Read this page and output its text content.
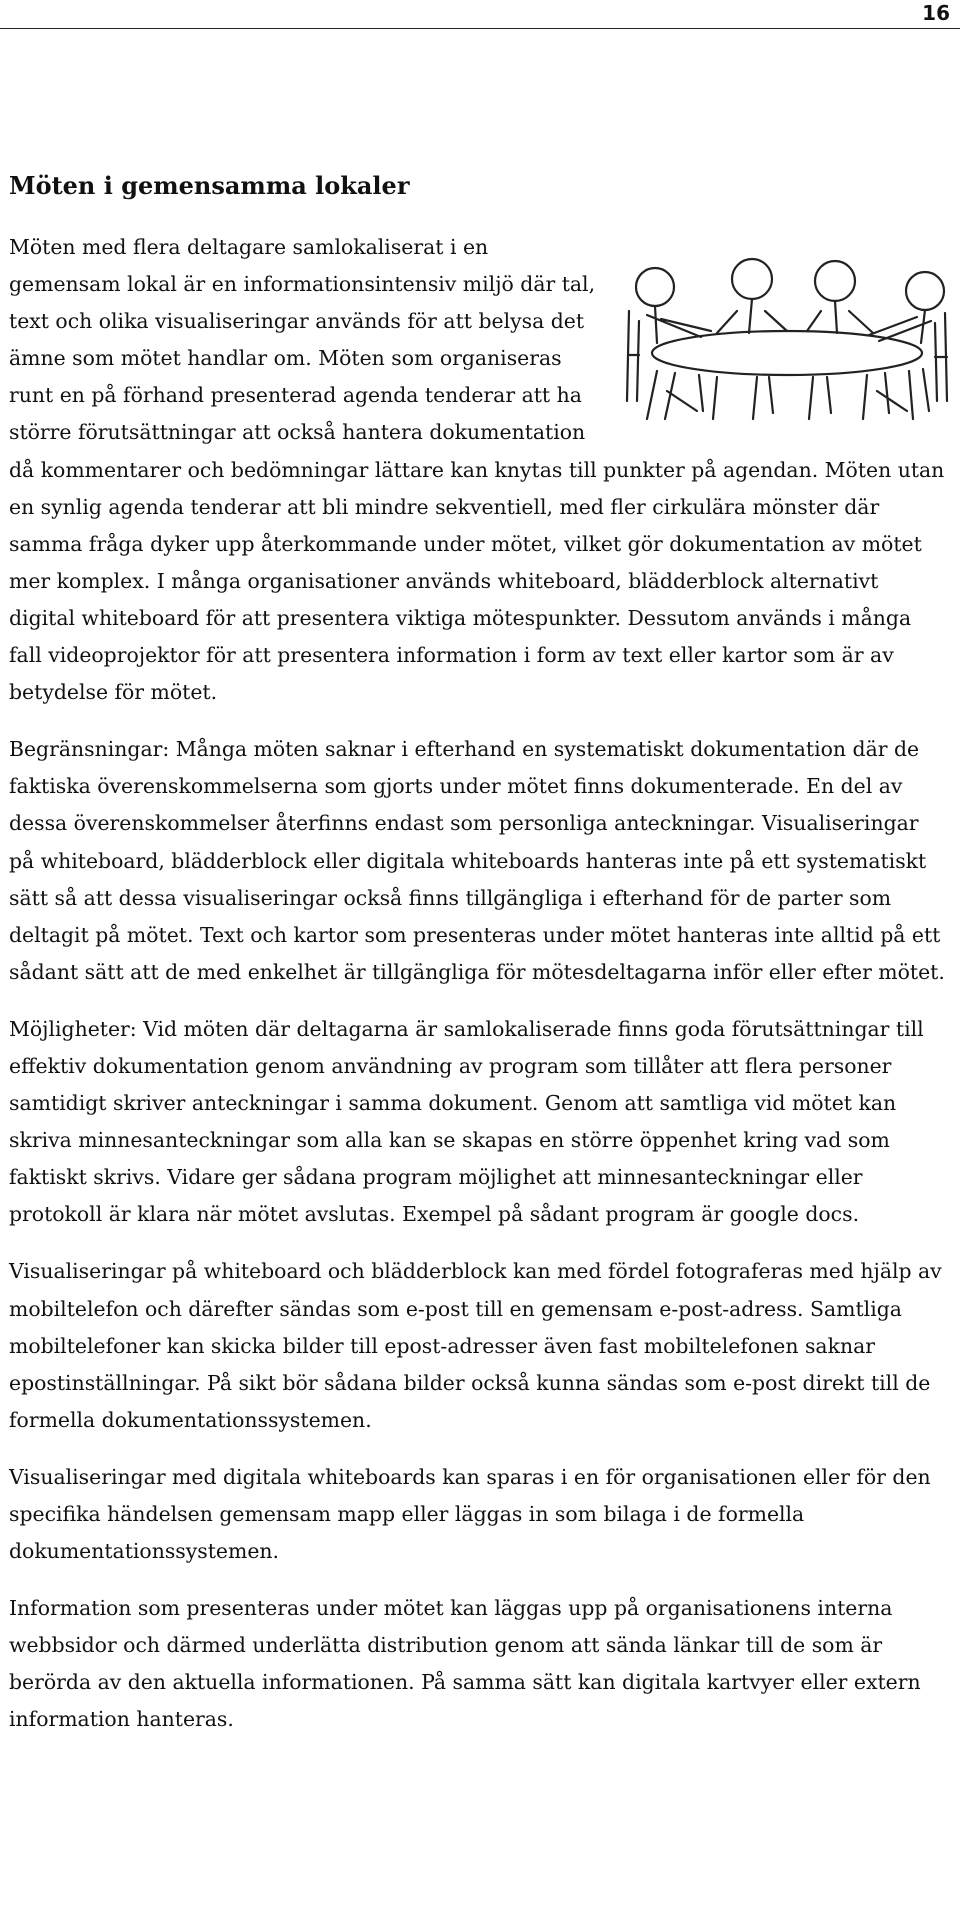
16
Möten i gemensamma lokaler

Möten med flera deltagare samlokaliserat i en gemensam lokal är en informationsintensiv miljö där tal, text och olika visualiseringar används för att belysa det ämne som mötet handlar om. Möten som organiseras runt en på förhand presenterad agenda tenderar att ha större förutsättningar att också hantera dokumentation då kommentarer och bedömningar lättare kan knytas till punkter på agendan. Möten utan en synlig agenda tenderar att bli mindre sekventiell, med fler cirkulära mönster där samma fråga dyker upp återkommande under mötet, vilket gör dokumentation av mötet mer komplex. I många organisationer används whiteboard, blädderblock alternativt digital whiteboard för att presentera viktiga mötespunkter. Dessutom används i många fall videoprojektor för att presentera information i form av text eller kartor som är av betydelse för mötet.

Begränsningar: Många möten saknar i efterhand en systematiskt dokumentation där de faktiska överenskommelserna som gjorts under mötet finns dokumenterade. En del av dessa överenskommelser återfinns endast som personliga anteckningar. Visualiseringar på whiteboard, blädderblock eller digitala whiteboards hanteras inte på ett systematiskt sätt så att dessa visualiseringar också finns tillgängliga i efterhand för de parter som deltagit på mötet. Text och kartor som presenteras under mötet hanteras inte alltid på ett sådant sätt att de med enkelhet är tillgängliga för mötesdeltagarna inför eller efter mötet.

Möjligheter: Vid möten där deltagarna är samlokaliserade finns goda förutsättningar till effektiv dokumentation genom användning av program som tillåter att flera personer samtidigt skriver anteckningar i samma dokument. Genom att samtliga vid mötet kan skriva minnesanteckningar som alla kan se skapas en större öppenhet kring vad som faktiskt skrivs. Vidare ger sådana program möjlighet att minnesanteckningar eller protokoll är klara när mötet avslutas. Exempel på sådant program är google docs.

Visualiseringar på whiteboard och blädderblock kan med fördel fotograferas med hjälp av mobiltelefon och därefter sändas som e-post till en gemensam e-post-adress. Samtliga mobiltelefoner kan skicka bilder till epost-adresser även fast mobiltelefonen saknar epostinställningar. På sikt bör sådana bilder också kunna sändas som e-post direkt till de formella dokumentationssystemen.

Visualiseringar med digitala whiteboards kan sparas i en för organisationen eller för den specifika händelsen gemensam mapp eller läggas in som bilaga i de formella dokumentationssystemen.

Information som presenteras under mötet kan läggas upp på organisationens interna webbsidor och därmed underlätta distribution genom att sända länkar till de som är berörda av den aktuella informationen. På samma sätt kan digitala kartvyer eller extern information hanteras.
